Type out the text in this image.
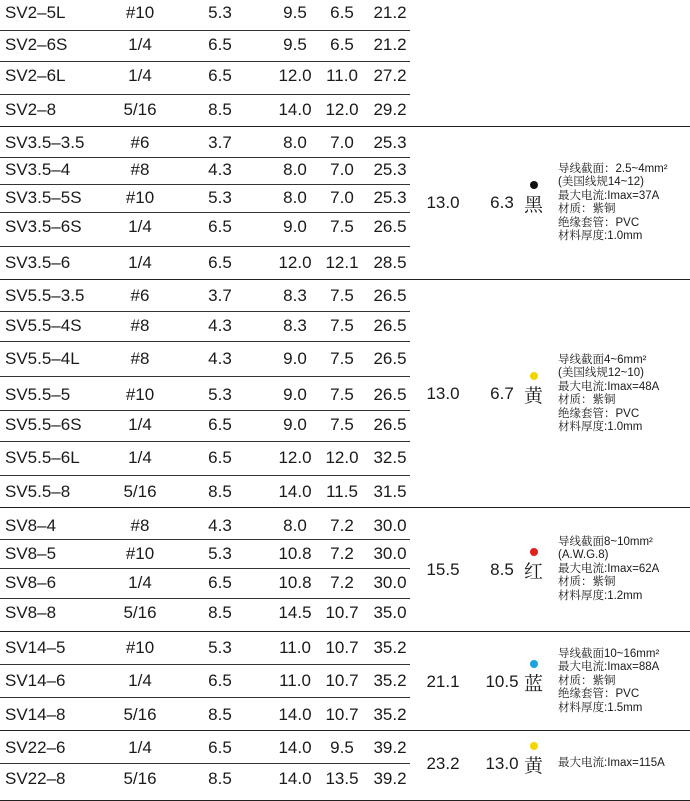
SV2–5L	#10	5.3	9.5	6.5	21.2
SV2–6S	1/4	6.5	9.5	6.5	21.2
SV2–6L	1/4	6.5	12.0 11.0 27.2
SV2–8	5/16	8.5	14.0 12.0 29.2
SV3.5–3.5	#6	3.7	8.0	7.0	25.3
SV3.5–4	#8	4.3	8.0	7.0	25.3
SV3.5–5S	#10	5.3	8.0	7.0	25.3
SV3.5–6S	1/4	6.5	9.0	7.5	26.5
SV3.5–6	1/4	6.5	12.0 12.1 28.5
SV5.5–3.5	#6	3.7	8.3	7.5	26.5
SV5.5–4S	#8	4.3	8.3	7.5	26.5
SV5.5–4L	#8	4.3	9.0	7.5	26.5
SV5.5–5	#10	5.3	9.0	7.5	26.5
SV5.5–6S	1/4	6.5	9.0	7.5	26.5
SV5.5–6L	1/4	6.5	12.0 12.0 32.5
SV5.5–8	5/16	8.5	14.0 11.5 31.5
SV8–4	#8	4.3	8.0	7.2	30.0
SV8–5	#10	5.3	10.8	7.2	30.0
SV8–6	1/4	6.5	10.8	7.2	30.0
SV8–8	5/16	8.5	14.5 10.7 35.0
SV14–5	#10	5.3	11.0 10.7 35.2
SV14–6	1/4	6.5	11.0 10.7 35.2
SV14–8	5/16	8.5	14.0 10.7 35.2
SV22–6	1/4	6.5	14.0	9.5	39.2
SV22–8	5/16	8.5	14.0 13.5 39.2
13.0	6.3 黑
导线截面：2.5~4mm²
(美国线规14~12)
最大电流:Imax=37A
材质：紫铜
绝缘套管：PVC
材料厚度:1.0mm
13.0	6.7 黄
导线截面4~6mm²
(美国线规12~10)
最大电流:Imax=48A
材质：紫铜
绝缘套管：PVC
材料厚度:1.0mm
15.5	8.5 红
导线截面8~10mm²
(A.W.G.8)
最大电流:Imax=62A
材质：紫铜
材料厚度:1.2mm
21.1	10.5 蓝
导线截面10~16mm²
最大电流:Imax=88A
材质：紫铜
绝缘套管：PVC
材料厚度:1.5mm
23.2	13.0 黄 最大电流:Imax=115A
